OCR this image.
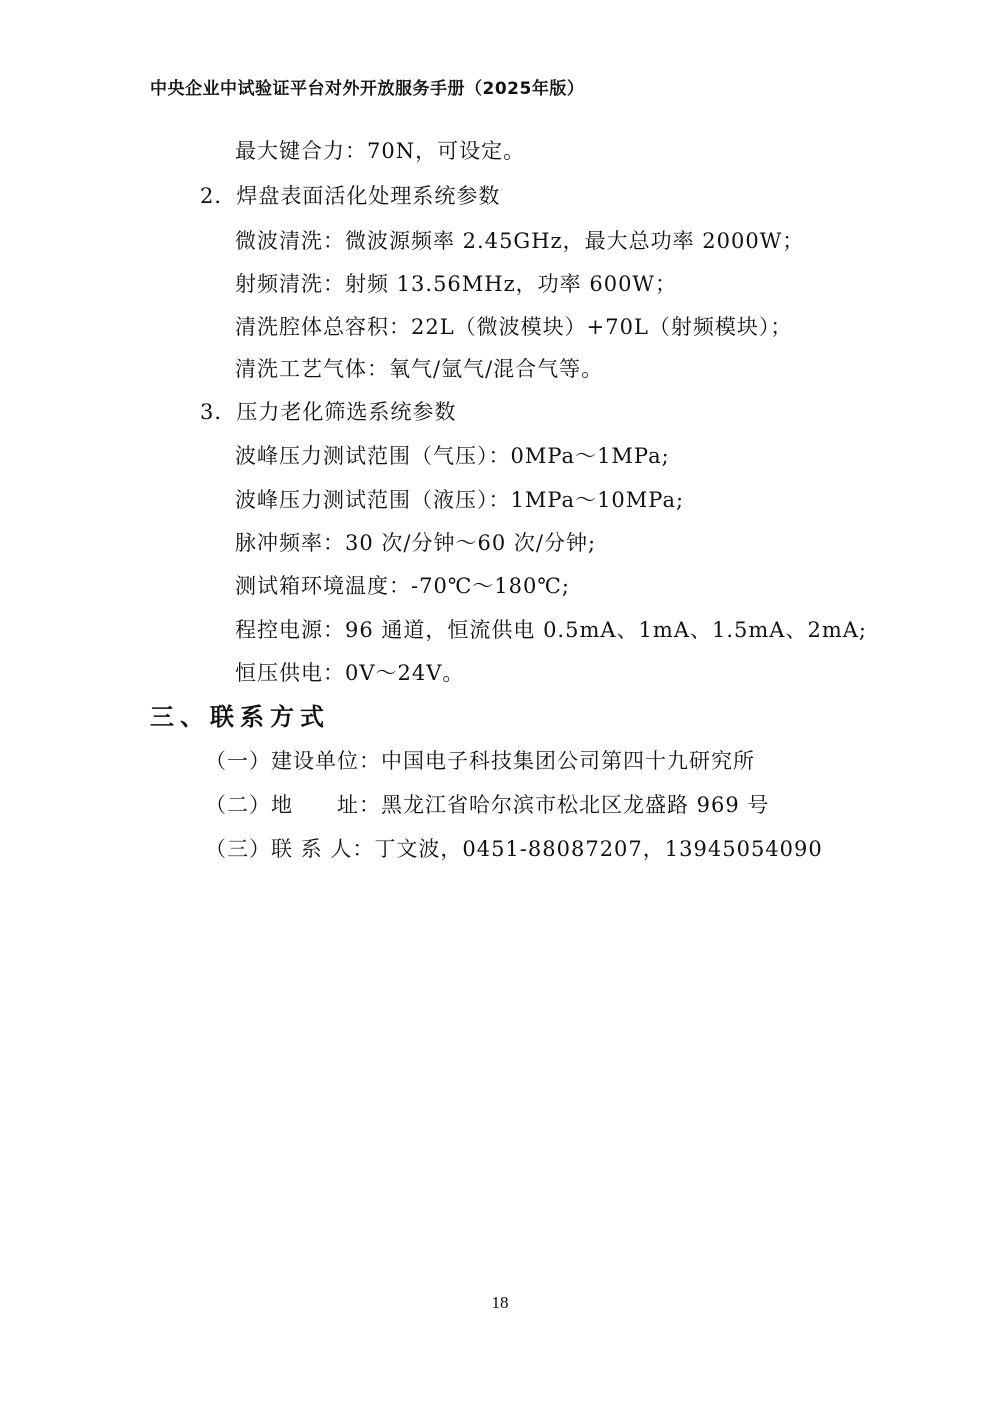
中央企业中试验证平台对外开放服务手册（2025年版）
最大键合力：70N，可设定。
2．焊盘表面活化处理系统参数
微波清洗：微波源频率 2.45GHz，最大总功率 2000W；
射频清洗：射频 13.56MHz，功率 600W；
清洗腔体总容积：22L（微波模块）+70L（射频模块）；
清洗工艺气体：氧气/氩气/混合气等。
3．压力老化筛选系统参数
波峰压力测试范围（气压）：0MPa～1MPa;
波峰压力测试范围（液压）：1MPa～10MPa;
脉冲频率：30 次/分钟～60 次/分钟;
测试箱环境温度：-70℃～180℃;
程控电源：96 通道，恒流供电 0.5mA、1mA、1.5mA、2mA;
恒压供电：0V～24V。
三、联系方式
（一）建设单位：中国电子科技集团公司第四十九研究所
（二）地　　址：黑龙江省哈尔滨市松北区龙盛路 969 号
（三）联 系 人：丁文波，0451-88087207，13945054090
18
